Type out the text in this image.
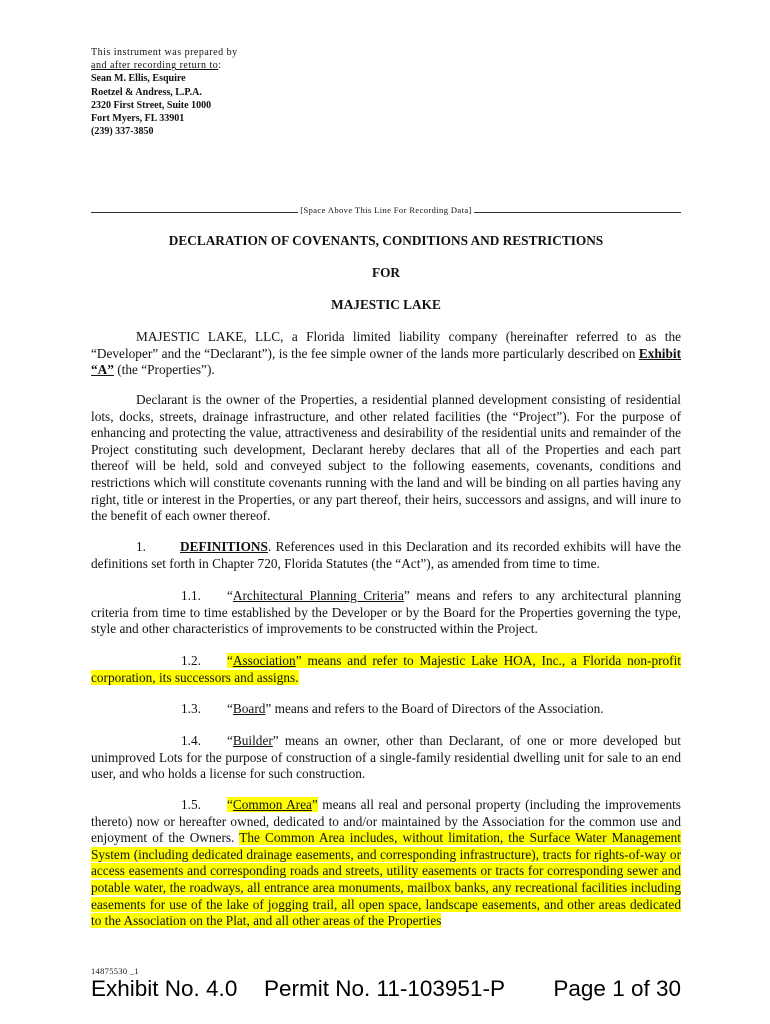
This instrument was prepared by
and after recording return to:
Sean M. Ellis, Esquire
Roetzel & Andress, L.P.A.
2320 First Street, Suite 1000
Fort Myers, FL 33901
(239) 337-3850
[Space Above This Line For Recording Data]
DECLARATION OF COVENANTS, CONDITIONS AND RESTRICTIONS
FOR
MAJESTIC LAKE

MAJESTIC LAKE, LLC, a Florida limited liability company (hereinafter referred to as the “Developer” and the “Declarant”), is the fee simple owner of the lands more particularly described on Exhibit “A” (the “Properties”).

Declarant is the owner of the Properties, a residential planned development consisting of residential lots, docks, streets, drainage infrastructure, and other related facilities (the “Project”). For the purpose of enhancing and protecting the value, attractiveness and desirability of the residential units and remainder of the Project constituting such development, Declarant hereby declares that all of the Properties and each part thereof will be held, sold and conveyed subject to the following easements, covenants, conditions and restrictions which will constitute covenants running with the land and will be binding on all parties having any right, title or interest in the Properties, or any part thereof, their heirs, successors and assigns, and will inure to the benefit of each owner thereof.

1.	DEFINITIONS. References used in this Declaration and its recorded exhibits will have the definitions set forth in Chapter 720, Florida Statutes (the “Act”), as amended from time to time.

1.1. “Architectural Planning Criteria” means and refers to any architectural planning criteria from time to time established by the Developer or by the Board for the Properties governing the type, style and other characteristics of improvements to be constructed within the Project.

1.2. “Association” means and refer to Majestic Lake HOA, Inc., a Florida non-profit corporation, its successors and assigns.

1.3. “Board” means and refers to the Board of Directors of the Association.

1.4. “Builder” means an owner, other than Declarant, of one or more developed but unimproved Lots for the purpose of construction of a single-family residential dwelling unit for sale to an end user, and who holds a license for such construction.

1.5. “Common Area” means all real and personal property (including the improvements thereto) now or hereafter owned, dedicated to and/or maintained by the Association for the common use and enjoyment of the Owners. The Common Area includes, without limitation, the Surface Water Management System (including dedicated drainage easements, and corresponding infrastructure), tracts for rights-of-way or access easements and corresponding roads and streets, utility easements or tracts for corresponding sewer and potable water, the roadways, all entrance area monuments, mailbox banks, any recreational facilities including easements for use of the lake of jogging trail, all open space, landscape easements, and other areas dedicated to the Association on the Plat, and all other areas of the Properties

14875530 _1
Exhibit No. 4.0 Permit No. 11-103951-P Page 1 of 30
